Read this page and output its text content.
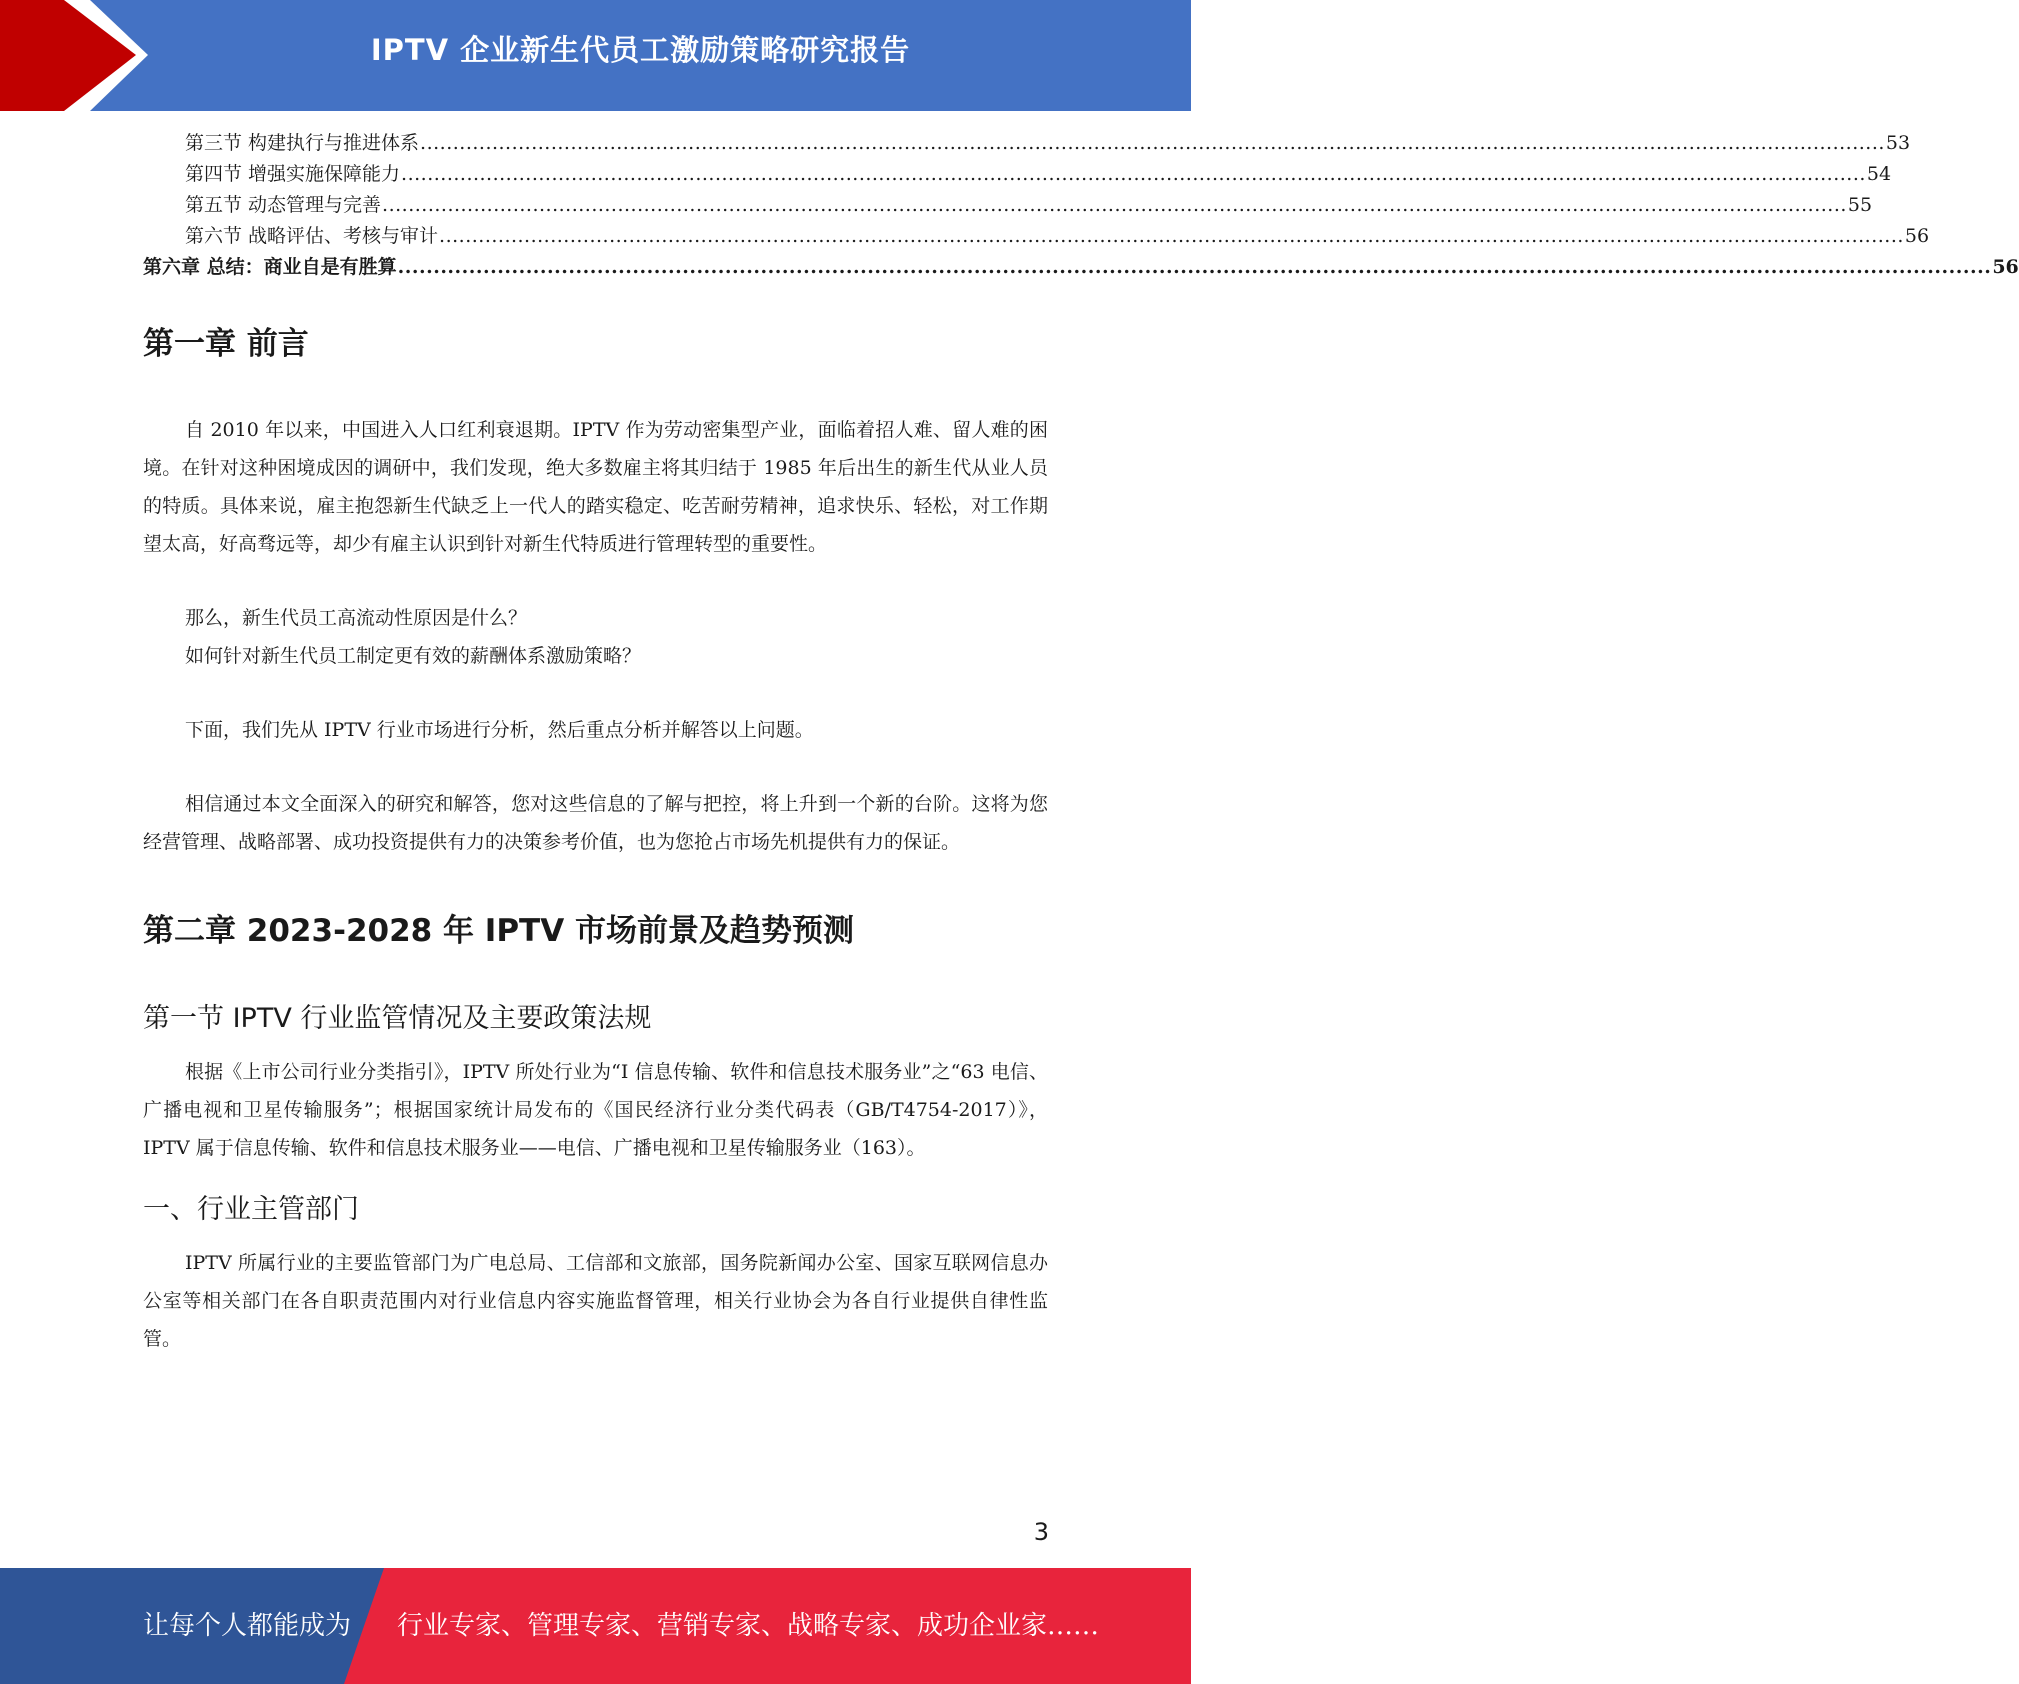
IPTV 企业新生代员工激励策略研究报告
第三节 构建执行与推进体系 ................................................................................................................................................................................................................................ 53
第四节 增强实施保障能力 ................................................................................................................................................................................................................................ 54
第五节 动态管理与完善 ................................................................................................................................................................................................................................ 55
第六节 战略评估、考核与审计 ................................................................................................................................................................................................................................ 56
第六章 总结：商业自是有胜算 ................................................................................................................................................................................................................................ 56
第一章 前言

自 2010 年以来，中国进入人口红利衰退期。IPTV 作为劳动密集型产业，面临着招人难、留人难的困境。在针对这种困境成因的调研中，我们发现，绝大多数雇主将其归结于 1985 年后出生的新生代从业人员的特质。具体来说，雇主抱怨新生代缺乏上一代人的踏实稳定、吃苦耐劳精神，追求快乐、轻松，对工作期望太高，好高骛远等，却少有雇主认识到针对新生代特质进行管理转型的重要性。

那么，新生代员工高流动性原因是什么？

如何针对新生代员工制定更有效的薪酬体系激励策略？

下面，我们先从 IPTV 行业市场进行分析，然后重点分析并解答以上问题。

相信通过本文全面深入的研究和解答，您对这些信息的了解与把控，将上升到一个新的台阶。这将为您经营管理、战略部署、成功投资提供有力的决策参考价值，也为您抢占市场先机提供有力的保证。

第二章 2023-2028 年 IPTV 市场前景及趋势预测
第一节 IPTV 行业监管情况及主要政策法规

根据《上市公司行业分类指引》，IPTV 所处行业为“I 信息传输、软件和信息技术服务业”之“63 电信、广播电视和卫星传输服务”；根据国家统计局发布的《国民经济行业分类代码表（GB/T4754-2017）》，IPTV 属于信息传输、软件和信息技术服务业——电信、广播电视和卫星传输服务业（163）。

一、行业主管部门

IPTV 所属行业的主要监管部门为广电总局、工信部和文旅部，国务院新闻办公室、国家互联网信息办公室等相关部门在各自职责范围内对行业信息内容实施监督管理，相关行业协会为各自行业提供自律性监管。

3
让每个人都能成为 行业专家、管理专家、营销专家、战略专家、成功企业家……
